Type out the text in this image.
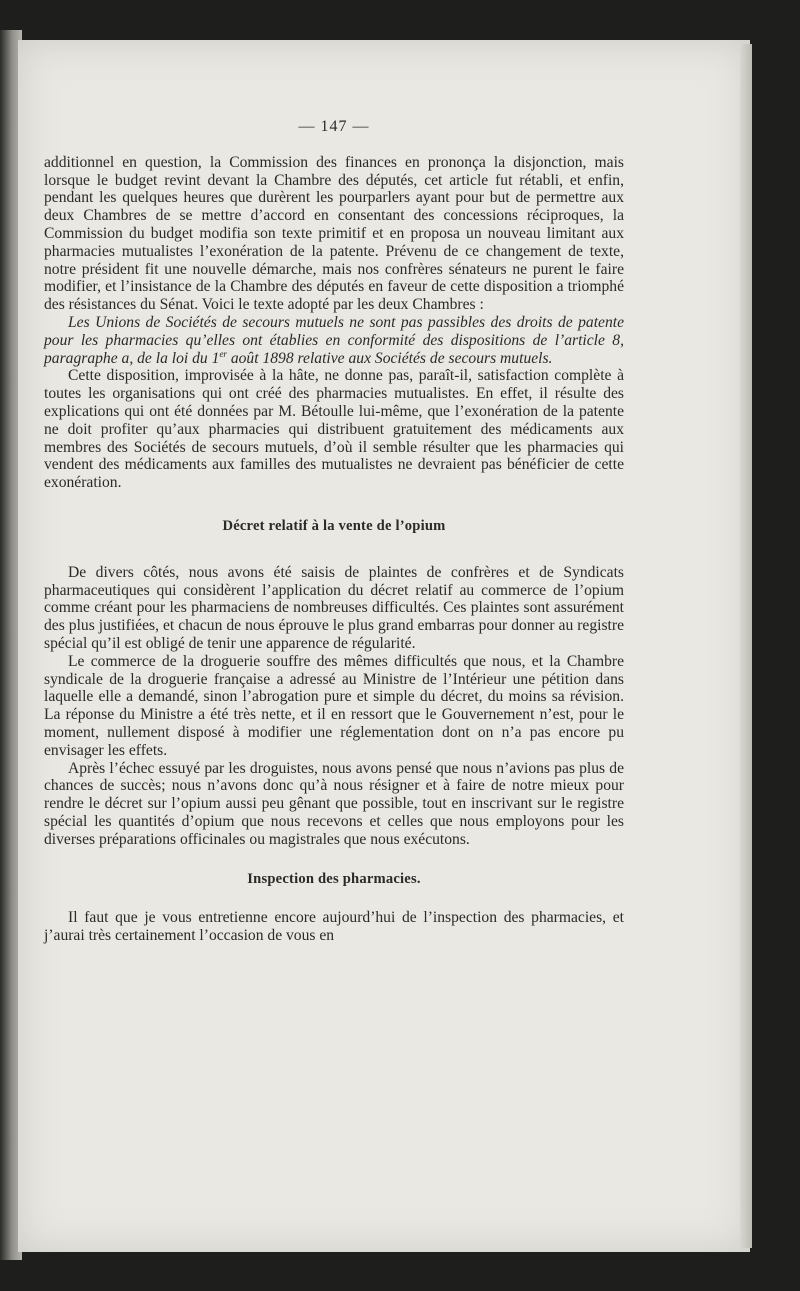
— 147 —

additionnel en question, la Commission des finances en prononça la disjonction, mais lorsque le budget revint devant la Chambre des députés, cet article fut rétabli, et enfin, pendant les quelques heures que durèrent les pourparlers ayant pour but de permettre aux deux Chambres de se mettre d’accord en consentant des concessions réciproques, la Commission du budget modifia son texte primitif et en proposa un nouveau limitant aux pharmacies mutualistes l’exonération de la patente. Prévenu de ce changement de texte, notre président fit une nouvelle démarche, mais nos confrères sénateurs ne purent le faire modifier, et l’insistance de la Chambre des députés en faveur de cette disposition a triomphé des résistances du Sénat. Voici le texte adopté par les deux Chambres :

Les Unions de Sociétés de secours mutuels ne sont pas passibles des droits de patente pour les pharmacies qu’elles ont établies en conformité des dispositions de l’article 8, paragraphe a, de la loi du 1er août 1898 relative aux Sociétés de secours mutuels.

Cette disposition, improvisée à la hâte, ne donne pas, paraît-il, satisfaction complète à toutes les organisations qui ont créé des pharmacies mutualistes. En effet, il résulte des explications qui ont été données par M. Bétoulle lui-même, que l’exonération de la patente ne doit profiter qu’aux pharmacies qui distribuent gratuitement des médicaments aux membres des Sociétés de secours mutuels, d’où il semble résulter que les pharmacies qui vendent des médicaments aux familles des mutualistes ne devraient pas bénéficier de cette exonération.

Décret relatif à la vente de l’opium

De divers côtés, nous avons été saisis de plaintes de confrères et de Syndicats pharmaceutiques qui considèrent l’application du décret relatif au commerce de l’opium comme créant pour les pharmaciens de nombreuses difficultés. Ces plaintes sont assurément des plus justifiées, et chacun de nous éprouve le plus grand embarras pour donner au registre spécial qu’il est obligé de tenir une apparence de régularité.

Le commerce de la droguerie souffre des mêmes difficultés que nous, et la Chambre syndicale de la droguerie française a adressé au Ministre de l’Intérieur une pétition dans laquelle elle a demandé, sinon l’abrogation pure et simple du décret, du moins sa révision. La réponse du Ministre a été très nette, et il en ressort que le Gouvernement n’est, pour le moment, nullement disposé à modifier une réglementation dont on n’a pas encore pu envisager les effets.

Après l’échec essuyé par les droguistes, nous avons pensé que nous n’avions pas plus de chances de succès; nous n’avons donc qu’à nous résigner et à faire de notre mieux pour rendre le décret sur l’opium aussi peu gênant que possible, tout en inscrivant sur le registre spécial les quantités d’opium que nous recevons et celles que nous employons pour les diverses préparations officinales ou magistrales que nous exécutons.

Inspection des pharmacies.

Il faut que je vous entretienne encore aujourd’hui de l’inspection des pharmacies, et j’aurai très certainement l’occasion de vous en
